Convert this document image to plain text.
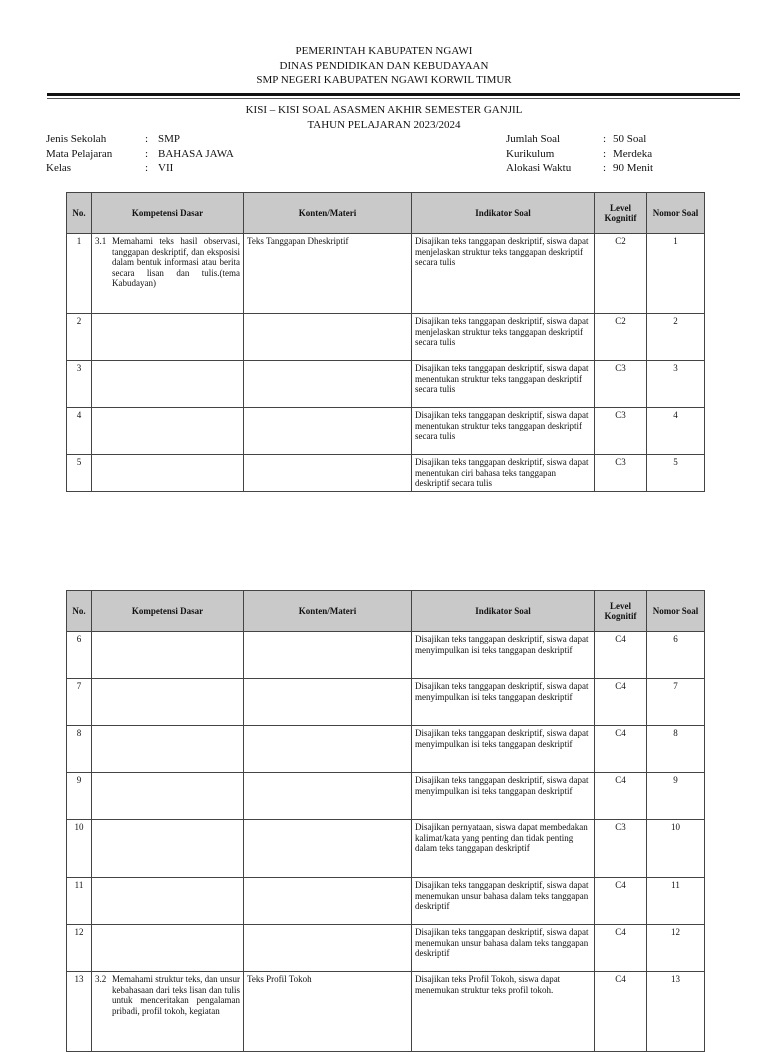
PEMERINTAH KABUPATEN NGAWI
DINAS PENDIDIKAN DAN KEBUDAYAAN
SMP NEGERI KABUPATEN NGAWI KORWIL TIMUR
KISI – KISI SOAL ASASMEN AKHIR SEMESTER GANJIL
TAHUN PELAJARAN 2023/2024
Jenis Sekolah	: SMP
Mata Pelajaran	: BAHASA JAWA
Kelas	: VII
Jumlah Soal	: 50 Soal
Kurikulum	: Merdeka
Alokasi Waktu	: 90 Menit
No.	Kompetensi Dasar	Konten/Materi	Indikator Soal	Level Kognitif	Nomor Soal
1	3.1 Memahami teks hasil observasi, tanggapan deskriptif, dan eksposisi dalam bentuk informasi atau berita secara lisan dan tulis.(tema Kabudayan)	Teks Tanggapan Dheskriptif	Disajikan teks tanggapan deskriptif, siswa dapat menjelaskan struktur teks tanggapan deskriptif secara tulis	C2	1
2			Disajikan teks tanggapan deskriptif, siswa dapat menjelaskan struktur teks tanggapan deskriptif secara tulis	C2	2
3			Disajikan teks tanggapan deskriptif, siswa dapat menentukan struktur teks tanggapan deskriptif secara tulis	C3	3
4			Disajikan teks tanggapan deskriptif, siswa dapat menentukan struktur teks tanggapan deskriptif secara tulis	C3	4
5			Disajikan teks tanggapan deskriptif, siswa dapat menentukan ciri bahasa teks tanggapan deskriptif secara tulis	C3	5
No.	Kompetensi Dasar	Konten/Materi	Indikator Soal	Level Kognitif	Nomor Soal
6			Disajikan teks tanggapan deskriptif, siswa dapat menyimpulkan isi teks tanggapan deskriptif	C4	6
7			Disajikan teks tanggapan deskriptif, siswa dapat menyimpulkan isi teks tanggapan deskriptif	C4	7
8			Disajikan teks tanggapan deskriptif, siswa dapat menyimpulkan isi teks tanggapan deskriptif	C4	8
9			Disajikan teks tanggapan deskriptif, siswa dapat menyimpulkan isi teks tanggapan deskriptif	C4	9
10			Disajikan pernyataan, siswa dapat membedakan kalimat/kata yang penting dan tidak penting dalam teks tanggapan deskriptif	C3	10
11			Disajikan teks tanggapan deskriptif, siswa dapat menemukan unsur bahasa dalam teks tanggapan deskriptif	C4	11
12			Disajikan teks tanggapan deskriptif, siswa dapat menemukan unsur bahasa dalam teks tanggapan deskriptif	C4	12
13	3.2 Memahami struktur teks, dan unsur kebahasaan dari teks lisan dan tulis untuk menceritakan pengalaman pribadi, profil tokoh, kegiatan	Teks Profil Tokoh	Disajikan teks Profil Tokoh, siswa dapat menemukan struktur teks profil tokoh.	C4	13
